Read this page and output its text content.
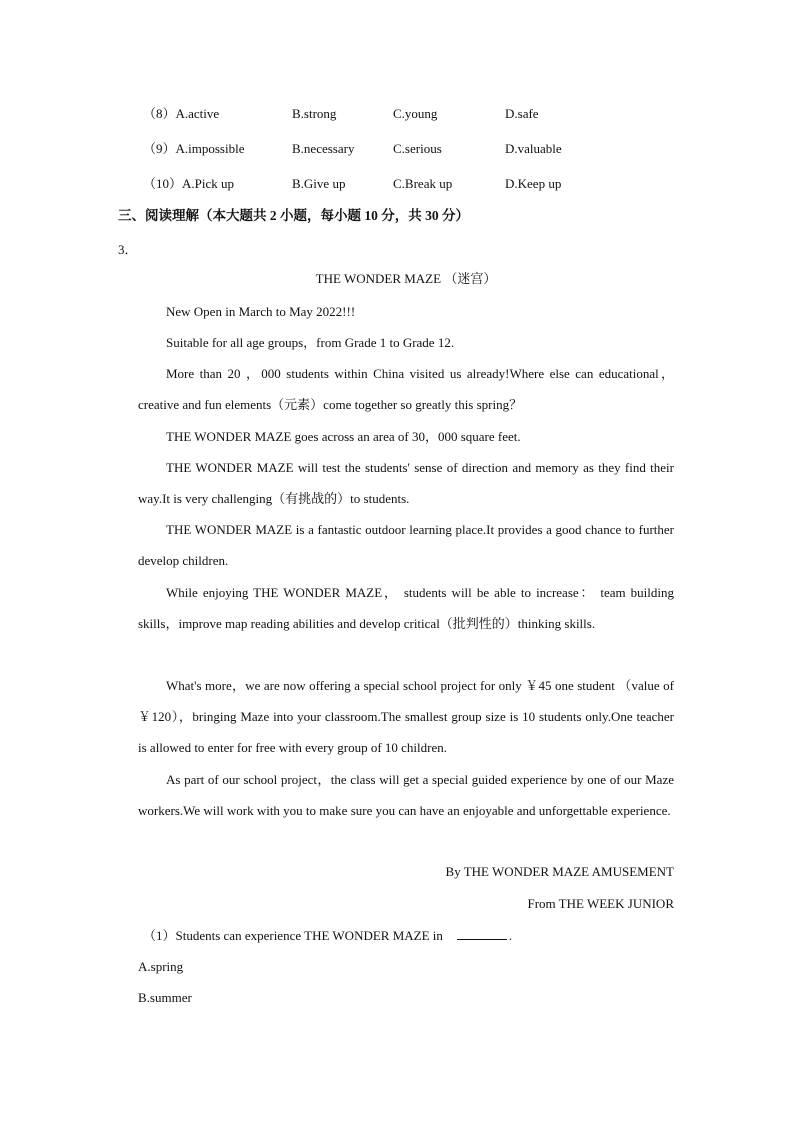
（8）A.active	B.strong	C.young	D.safe
（9）A.impossible	B.necessary	C.serious	D.valuable
（10）A.Pick up	B.Give up	C.Break up	D.Keep up
三、阅读理解（本大题共 2 小题，每小题 10 分，共 30 分）
3．
THE WONDER MAZE （迷宫）

New Open in March to May 2022!!!

Suitable for all age groups，from Grade 1 to Grade 12.

More than 20 ，000 students within China visited us already!Where else can educational，creative and fun elements（元素）come together so greatly this spring？

THE WONDER MAZE goes across an area of 30，000 square feet.

THE WONDER MAZE will test the students' sense of direction and memory as they find their way.It is very challenging（有挑战的）to students.

THE WONDER MAZE is a fantastic outdoor learning place.It provides a good chance to further develop children.

While enjoying THE WONDER MAZE， students will be able to increase： team building skills，improve map reading abilities and develop critical（批判性的）thinking skills.

What's more，we are now offering a special school project for only ￥45 one student （value of ￥120），bringing Maze into your classroom.The smallest group size is 10 students only.One teacher is allowed to enter for free with every group of 10 children.

As part of our school project，the class will get a special guided experience by one of our Maze workers.We will work with you to make sure you can have an enjoyable and unforgettable experience.

By THE WONDER MAZE AMUSEMENT
From THE WEEK JUNIOR
（1）Students can experience THE WONDER MAZE in	.
A.spring
B.summer
